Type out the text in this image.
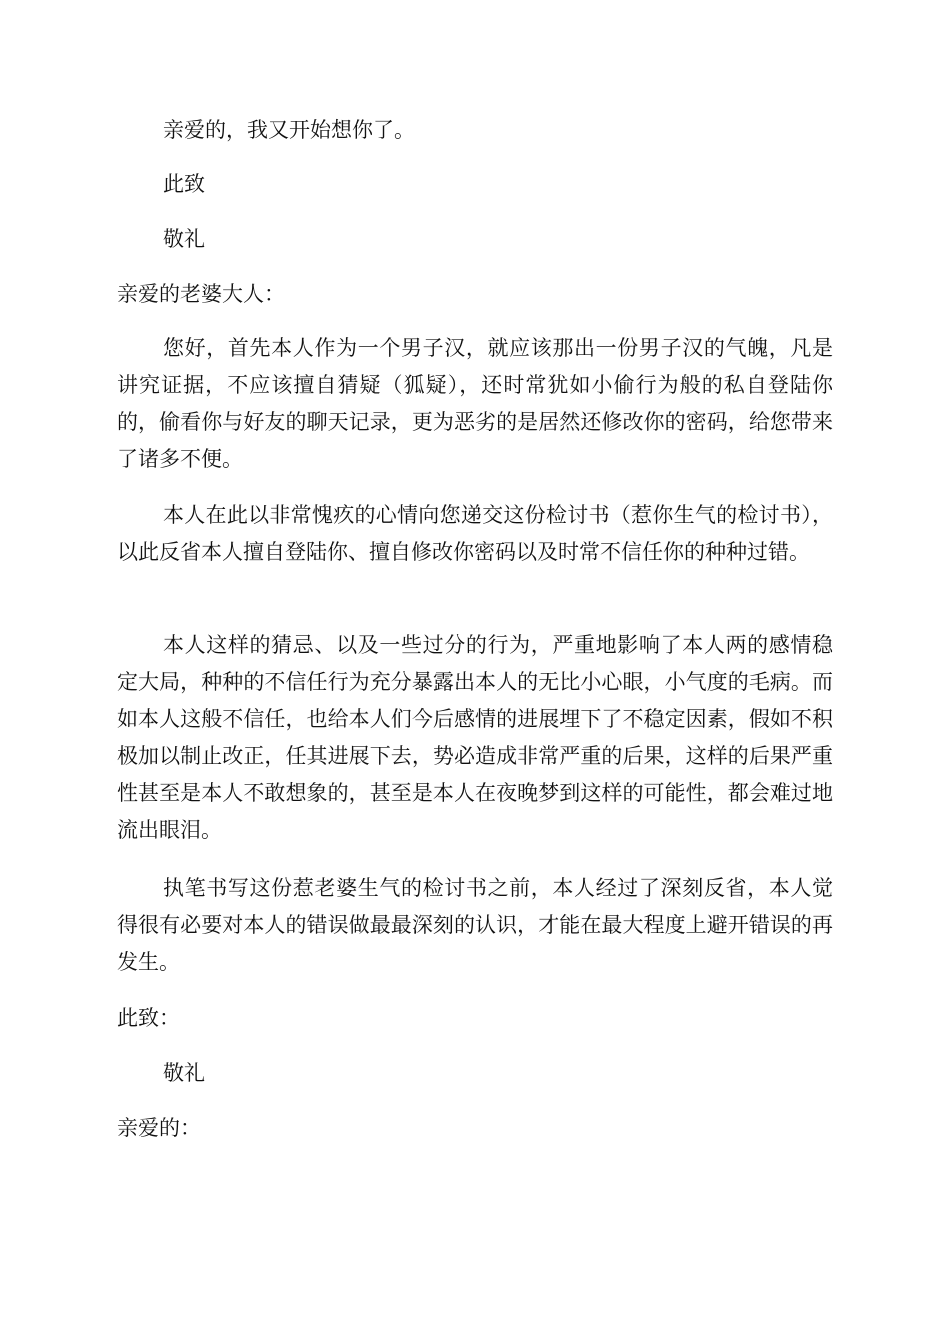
亲爱的，我又开始想你了。
此致
敬礼
亲爱的老婆大人：

您好，首先本人作为一个男子汉，就应该那出一份男子汉的气魄，凡是讲究证据，不应该擅自猜疑（狐疑），还时常犹如小偷行为般的私自登陆你的，偷看你与好友的聊天记录，更为恶劣的是居然还修改你的密码，给您带来了诸多不便。

本人在此以非常愧疚的心情向您递交这份检讨书（惹你生气的检讨书），以此反省本人擅自登陆你、擅自修改你密码以及时常不信任你的种种过错。

本人这样的猜忌、以及一些过分的行为，严重地影响了本人两的感情稳定大局，种种的不信任行为充分暴露出本人的无比小心眼，小气度的毛病。而如本人这般不信任，也给本人们今后感情的进展埋下了不稳定因素，假如不积极加以制止改正，任其进展下去，势必造成非常严重的后果，这样的后果严重性甚至是本人不敢想象的，甚至是本人在夜晚梦到这样的可能性，都会难过地流出眼泪。

执笔书写这份惹老婆生气的检讨书之前，本人经过了深刻反省，本人觉得很有必要对本人的错误做最最深刻的认识，才能在最大程度上避开错误的再发生。

此致：
敬礼
亲爱的：
